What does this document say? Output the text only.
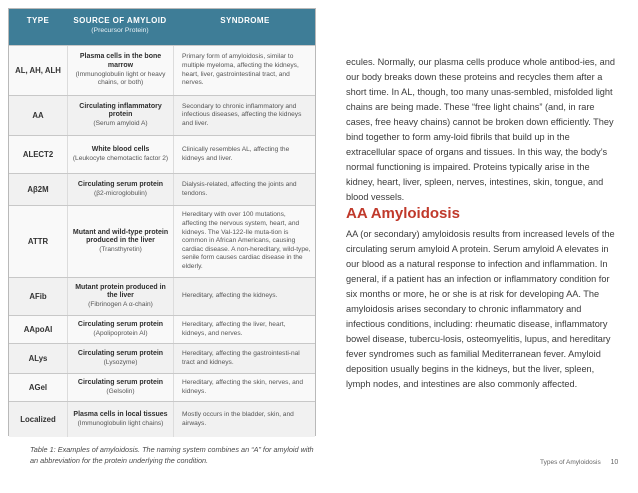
TYPE	SOURCE OF AMYLOID
(Precursor Protein)
SYNDROME
AL, AH, ALH
Plasma cells in the bone marrow
(Immunoglobulin light or heavy chains, or both)
Primary form of amyloidosis, similar to multiple myeloma, affecting the kidneys, heart, liver, gastrointestinal tract, and nerves.
AA
Circulating inflammatory protein
(Serum amyloid A)
Secondary to chronic inflammatory and infectious diseases, affecting the kidneys and liver.
ALECT2
White blood cells
(Leukocyte chemotactic factor 2)
Clinically resembles AL, affecting the kidneys and liver.
Aβ2M
Circulating serum protein
(β2-microglobulin)
Dialysis-related, affecting the joints and tendons.
ATTR
Mutant and wild-type protein produced in the liver
(Transthyretin)
Hereditary with over 100 mutations, affecting the nervous system, heart, and kidneys. The Val-122-Ile muta-tion is common in African Americans, causing cardiac disease. A non-hereditary, wild-type, senile form causes cardiac disease in the elderly.
AFib
Mutant protein produced in the liver
(Fibrinogen A α-chain)
Hereditary, affecting the kidneys.
AApoAI
Circulating serum protein
(Apolipoprotein AI)
Hereditary, affecting the liver, heart, kidneys, and nerves.
ALys
Circulating serum protein
(Lysozyme)
Hereditary, affecting the gastrointesti-nal tract and kidneys.
AGel
Circulating serum protein
(Gelsolin)
Hereditary, affecting the skin, nerves, and kidneys.
Localized
Plasma cells in local tissues
(Immunoglobulin light chains)
Mostly occurs in the bladder, skin, and airways.
Table 1: Examples of amyloidosis. The naming system combines an “A” for amyloid with an abbreviation for the protein underlying the condition.

ecules. Normally, our plasma cells produce whole antibod-ies, and our body breaks down these proteins and recycles them after a short time. In AL, though, too many unas-sembled, misfolded light chains are being made. These “free light chains” (and, in rare cases, free heavy chains) cannot be broken down efficiently. They bind together to form amy-loid fibrils that build up in the extracellular space of organs and tissues. In this way, the body’s normal functioning is impaired. Proteins typically arise in the kidney, heart, liver, spleen, nerves, intestines, skin, tongue, and blood vessels.

AA Amyloidosis

AA (or secondary) amyloidosis results from increased levels of the circulating serum amyloid A protein. Serum amyloid A elevates in our blood as a natural response to infection and inflammation. In general, if a patient has an infection or inflammatory condition for six months or more, he or she is at risk for developing AA. The amyloidosis arises secondary to chronic inflammatory and infectious conditions, including: rheumatic disease, inflammatory bowel disease, tubercu-losis, osteomyelitis, lupus, and hereditary fever syndromes such as familial Mediterranean fever. Amyloid deposition usually begins in the kidneys, but the liver, spleen, lymph nodes, and intestines are also commonly affected.

Types of Amyloidosis 10
